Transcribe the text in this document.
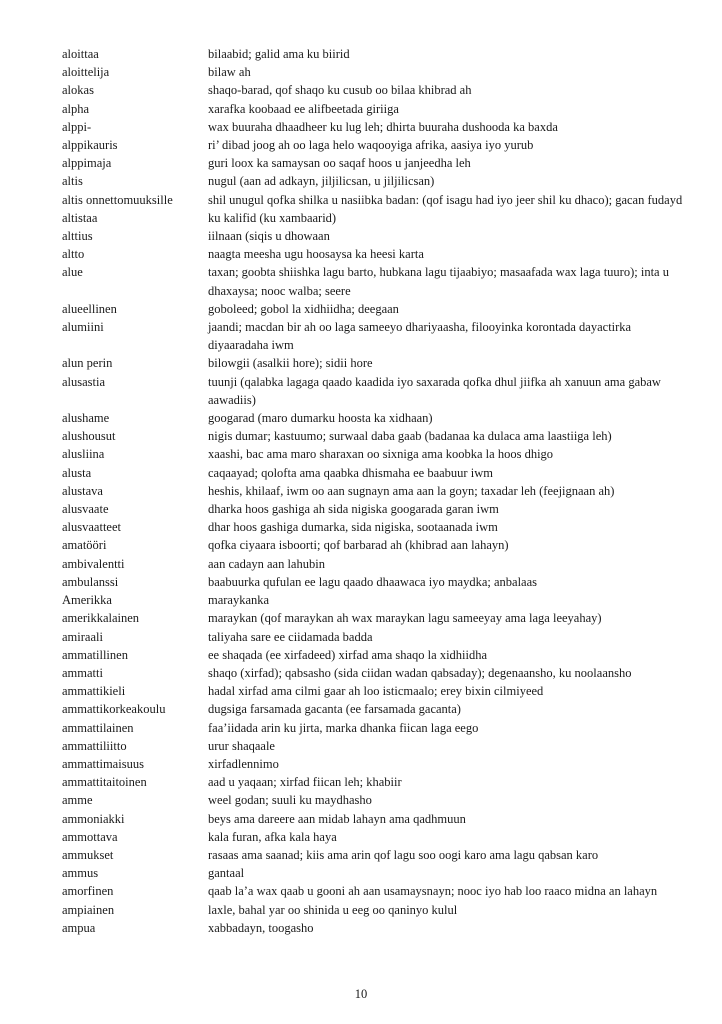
aloittaa	bilaabid; galid ama ku biirid
aloittelija	bilaw ah
alokas	shaqo-barad, qof shaqo ku cusub oo bilaa khibrad ah
alpha	xarafka koobaad ee alifbeetada giriiga
alppi-	wax buuraha dhaadheer ku lug leh; dhirta buuraha dushooda ka baxda
alppikauris	ri’ dibad joog ah oo laga helo waqooyiga afrika, aasiya iyo yurub
alppimaja	guri loox ka samaysan oo saqaf hoos u janjeedha leh
altis	nugul (aan ad adkayn, jiljilicsan, u jiljilicsan)
altis onnettomuuksille	shil unugul qofka shilka u nasiibka badan: (qof isagu had iyo jeer shil ku dhaco); gacan fudayd
altistaa	ku kalifid (ku xambaarid)
alttius	iilnaan (siqis u dhowaan
altto	naagta meesha ugu hoosaysa ka heesi karta
alue	taxan; goobta shiishka lagu barto, hubkana lagu tijaabiyo; masaafada wax laga tuuro); inta u dhaxaysa; nooc walba; seere
alueellinen	goboleed; gobol la xidhiidha; deegaan
alumiini	jaandi; macdan bir ah oo laga sameeyo dhariyaasha, filooyinka korontada dayactirka diyaaradaha iwm
alun perin	bilowgii (asalkii hore); sidii hore
alusastia	tuunji (qalabka lagaga qaado kaadida iyo saxarada qofka dhul jiifka ah xanuun ama gabaw aawadiis)
alushame	googarad (maro dumarku hoosta ka xidhaan)
alushousut	nigis dumar; kastuumo; surwaal daba gaab (badanaa ka dulaca ama laastiiga leh)
alusliina	xaashi, bac ama maro sharaxan oo sixniga ama koobka la hoos dhigo
alusta	caqaayad; qolofta ama qaabka dhismaha ee baabuur iwm
alustava	heshis, khilaaf, iwm oo aan sugnayn ama aan la goyn; taxadar leh (feejignaan ah)
alusvaate	dharka hoos gashiga ah sida nigiska googarada garan iwm
alusvaatteet	dhar hoos gashiga dumarka, sida nigiska, sootaanada iwm
amatööri	qofka ciyaara isboorti; qof barbarad ah (khibrad aan lahayn)
ambivalentti	aan cadayn aan lahubin
ambulanssi	baabuurka qufulan ee lagu qaado dhaawaca iyo maydka; anbalaas
Amerikka	maraykanka
amerikkalainen	maraykan (qof maraykan ah wax maraykan lagu sameeyay ama laga leeyahay)
amiraali	taliyaha sare ee ciidamada badda
ammatillinen	ee shaqada (ee xirfadeed) xirfad ama shaqo la xidhiidha
ammatti	shaqo (xirfad); qabsasho (sida ciidan wadan qabsaday); degenaansho, ku noolaansho
ammattikieli	hadal xirfad ama cilmi gaar ah loo isticmaalo; erey bixin cilmiyeed
ammattikorkeakoulu	dugsiga farsamada gacanta (ee farsamada gacanta)
ammattilainen	faa’iidada arin ku jirta, marka dhanka fiican laga eego
ammattiliitto	urur shaqaale
ammattimaisuus	xirfadlennimo
ammattitaitoinen	aad u yaqaan; xirfad fiican leh; khabiir
amme	weel godan; suuli ku maydhasho
ammoniakki	beys ama dareere aan midab lahayn ama qadhmuun
ammottava	kala furan, afka kala haya
ammukset	rasaas ama saanad; kiis ama arin qof lagu soo oogi karo ama lagu qabsan karo
ammus	gantaal
amorfinen	qaab la’a wax qaab u gooni ah aan usamaysnayn; nooc iyo hab loo raaco midna an lahayn
ampiainen	laxle, bahal yar oo shinida u eeg oo qaninyo kulul
ampua	xabbadayn, toogasho
10
